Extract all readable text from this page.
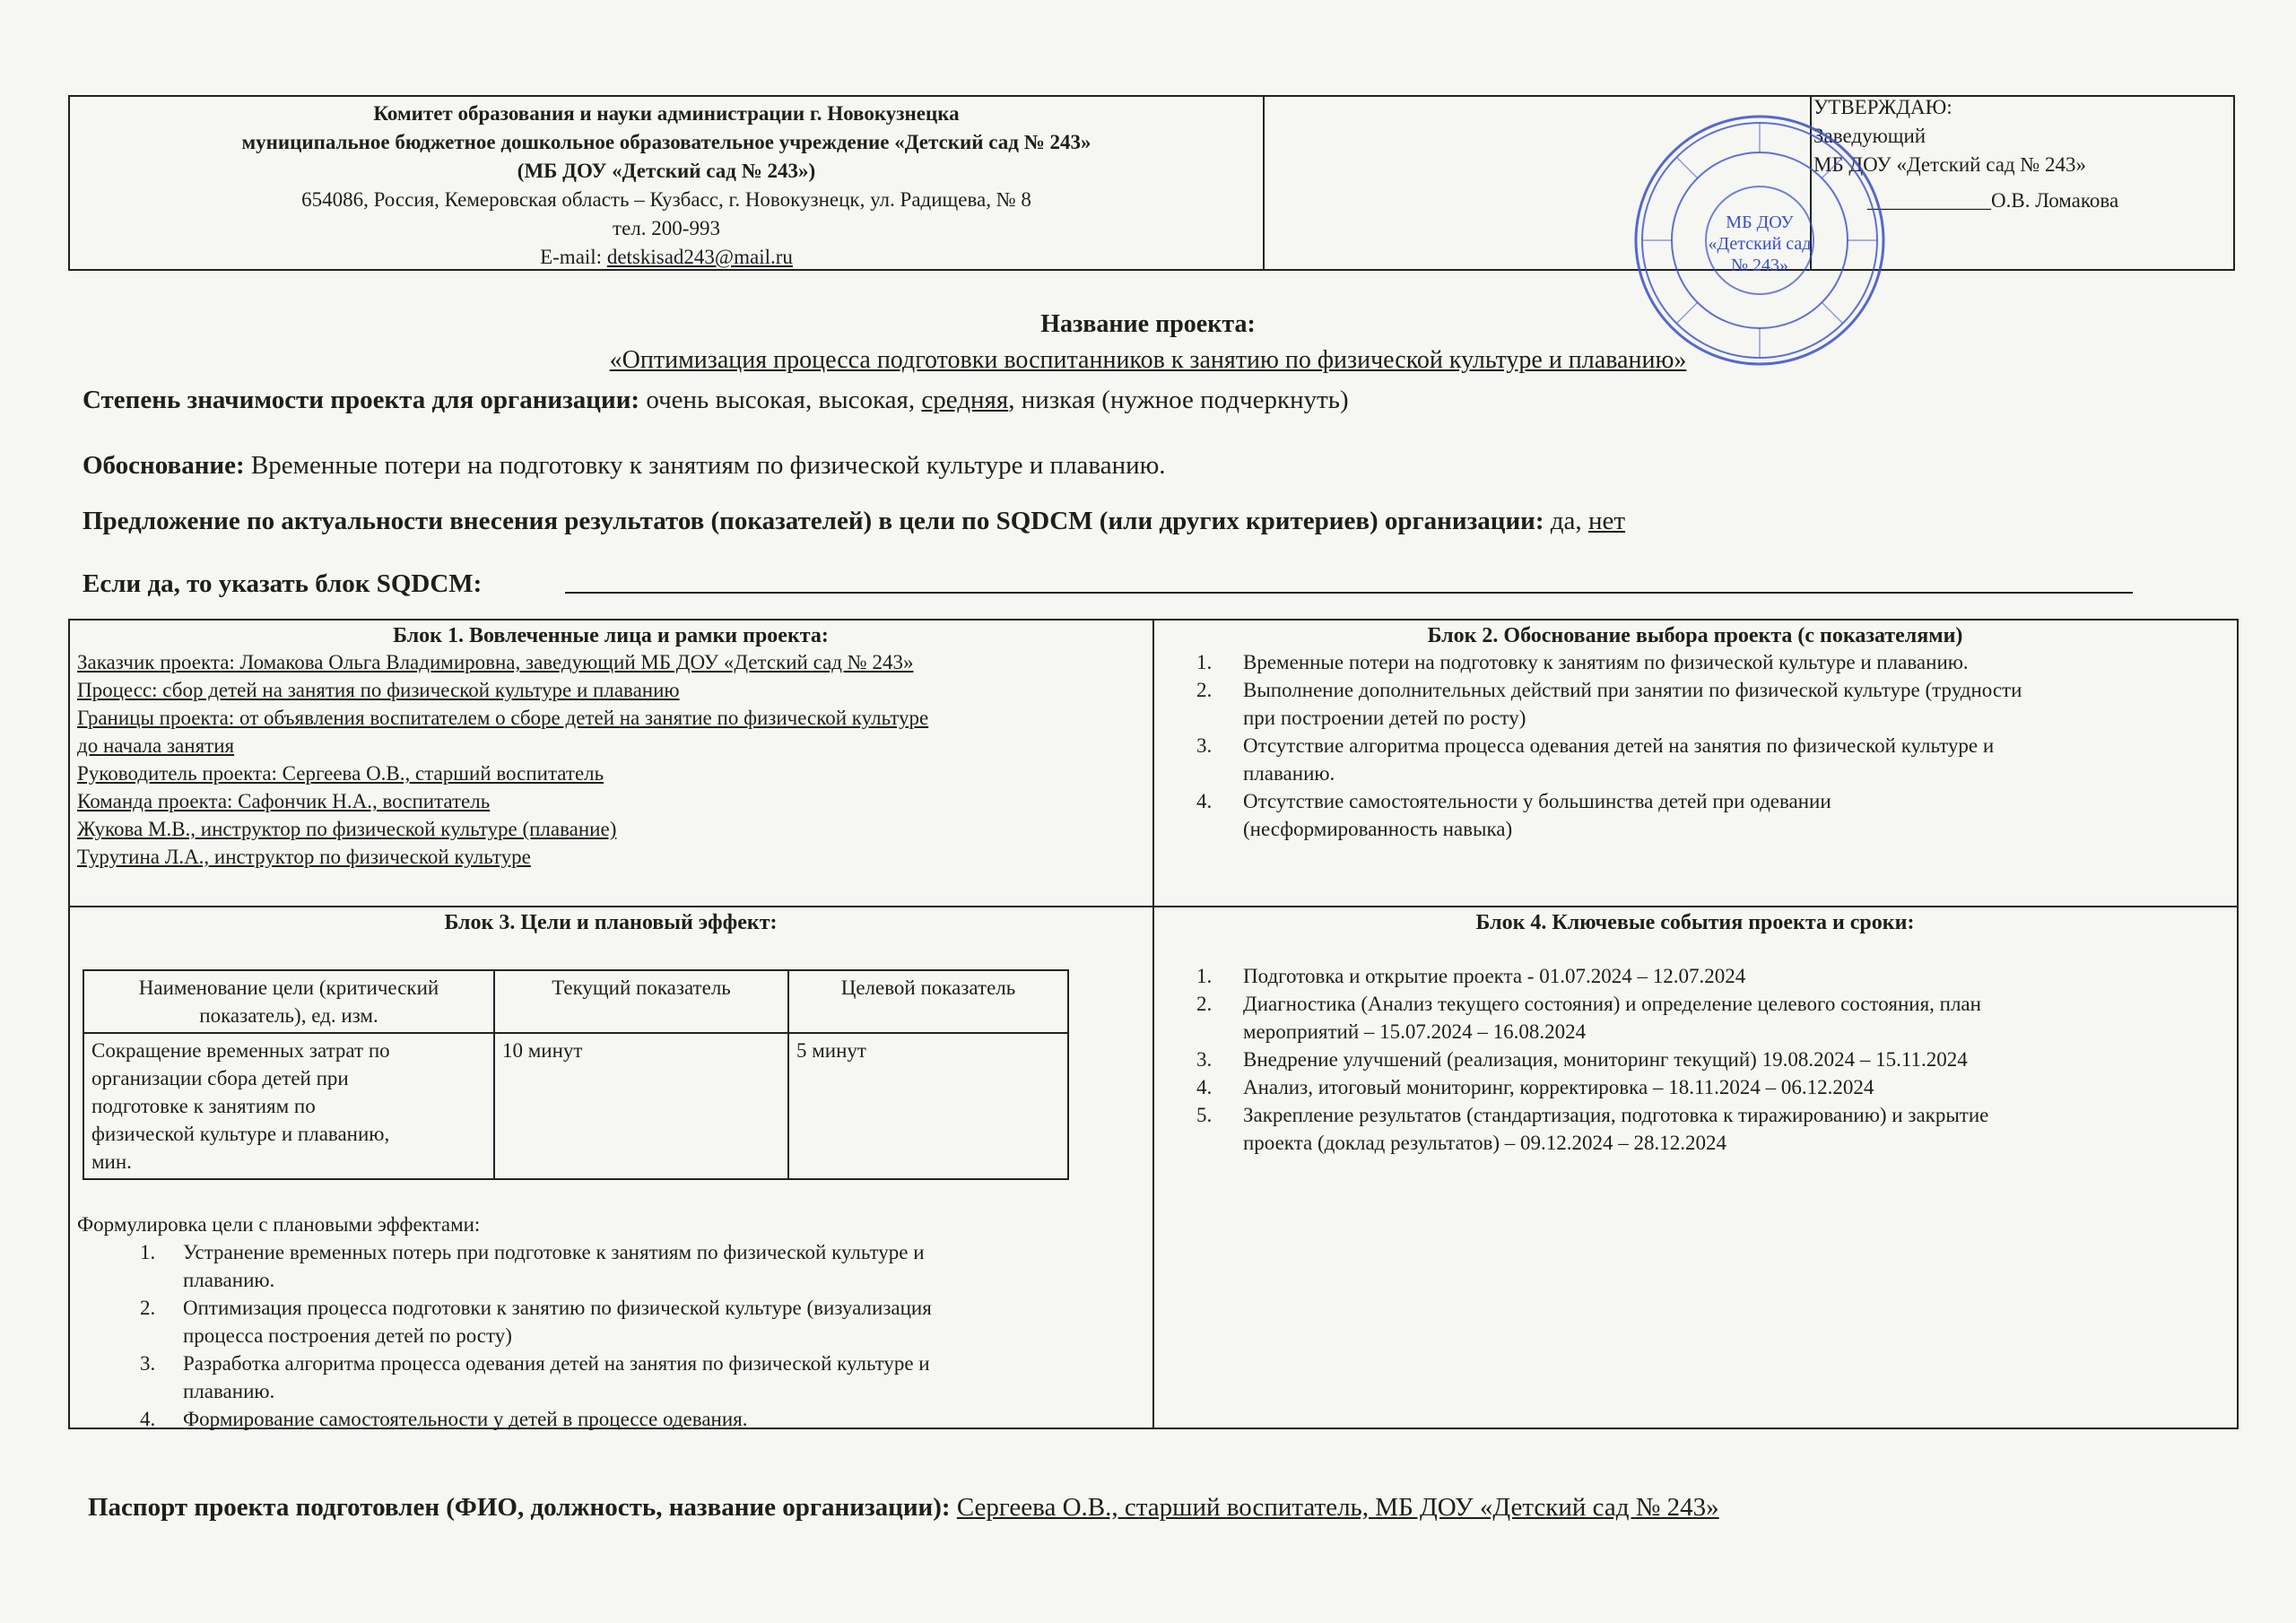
Комитет образования и науки администрации г. Новокузнецка
муниципальное бюджетное дошкольное образовательное учреждение «Детский сад № 243»
(МБ ДОУ «Детский сад № 243»)
654086, Россия, Кемеровская область – Кузбасс, г. Новокузнецк, ул. Радищева, № 8
тел. 200-993
E-mail: detskisad243@mail.ru
УТВЕРЖДАЮ:
Заведующий
МБ ДОУ «Детский сад № 243»
____________О.В. Ломакова
МБ ДОУ
«Детский сад
№ 243»
Название проекта:
«Оптимизация процесса подготовки воспитанников к занятию по физической культуре и плаванию»
Степень значимости проекта для организации: очень высокая, высокая, средняя, низкая (нужное подчеркнуть)
Обоснование: Временные потери на подготовку к занятиям по физической культуре и плаванию.
Предложение по актуальности внесения результатов (показателей) в цели по SQDCM (или других критериев) организации: да, нет
Если да, то указать блок SQDCM:
Блок 1. Вовлеченные лица и рамки проекта:
Заказчик проекта: Ломакова Ольга Владимировна, заведующий МБ ДОУ «Детский сад № 243»
Процесс: сбор детей на занятия по физической культуре и плаванию
Границы проекта: от объявления воспитателем о сборе детей на занятие по физической культуре
до начала занятия
Руководитель проекта: Сергеева О.В., старший воспитатель
Команда проекта: Сафончик Н.А., воспитатель
Жукова М.В., инструктор по физической культуре (плавание)
Турутина Л.А., инструктор по физической культуре
Блок 2. Обоснование выбора проекта (с показателями)
1. Временные потери на подготовку к занятиям по физической культуре и плаванию.
2. Выполнение дополнительных действий при занятии по физической культуре (трудности
при построении детей по росту)
3. Отсутствие алгоритма процесса одевания детей на занятия по физической культуре и
плаванию.
4. Отсутствие самостоятельности у большинства детей при одевании
(несформированность навыка)
Блок 3. Цели и плановый эффект:
Наименование цели (критический
показатель), ед. изм.	Текущий показатель	Целевой показатель

Сокращение временных затрат по
организации сбора детей при
подготовке к занятиям по
физической культуре и плаванию,
мин.	10 минут	5 минут
Формулировка цели с плановыми эффектами:
1. Устранение временных потерь при подготовке к занятиям по физической культуре и
плаванию.
2. Оптимизация процесса подготовки к занятию по физической культуре (визуализация
процесса построения детей по росту)
3. Разработка алгоритма процесса одевания детей на занятия по физической культуре и
плаванию.
4. Формирование самостоятельности у детей в процессе одевания.
Блок 4. Ключевые события проекта и сроки:
1. Подготовка и открытие проекта - 01.07.2024 – 12.07.2024
2. Диагностика (Анализ текущего состояния) и определение целевого состояния, план
мероприятий – 15.07.2024 – 16.08.2024
3. Внедрение улучшений (реализация, мониторинг текущий) 19.08.2024 – 15.11.2024
4. Анализ, итоговый мониторинг, корректировка – 18.11.2024 – 06.12.2024
5. Закрепление результатов (стандартизация, подготовка к тиражированию) и закрытие
проекта (доклад результатов) – 09.12.2024 – 28.12.2024
Паспорт проекта подготовлен (ФИО, должность, название организации): Сергеева О.В., старший воспитатель, МБ ДОУ «Детский сад № 243»
